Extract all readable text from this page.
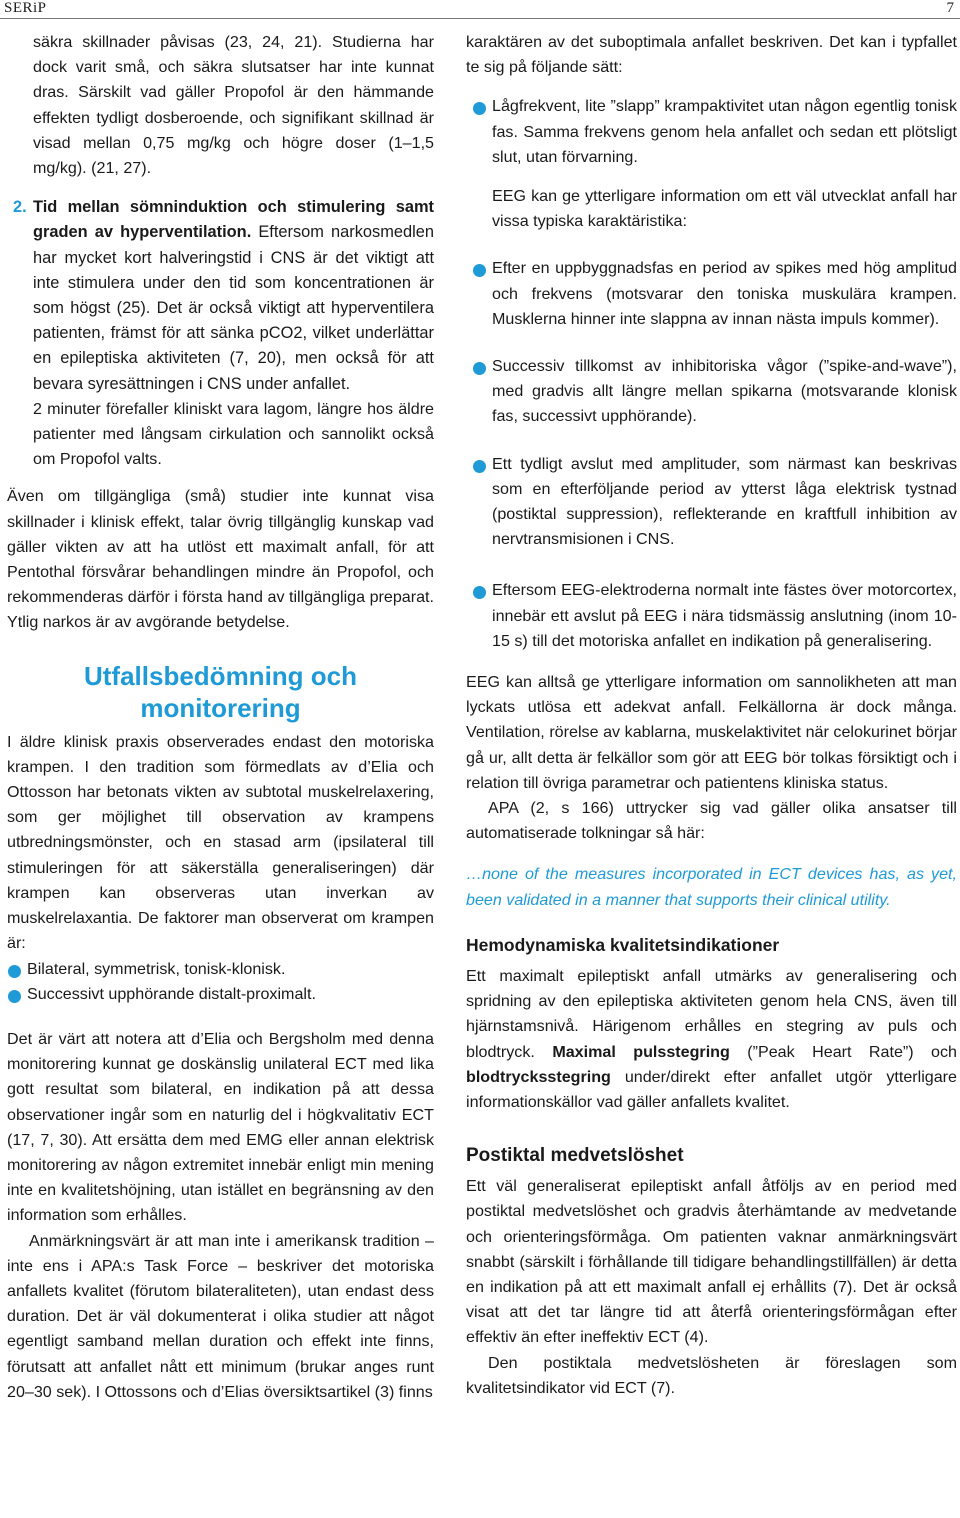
SERiP	7

säkra skillnader påvisas (23, 24, 21). Studierna har dock varit små, och säkra slutsatser har inte kunnat dras. Särskilt vad gäller Propofol är den hämmande effekten tydligt dosberoende, och signifikant skillnad är visad mellan 0,75 mg/kg och högre doser (1–1,5 mg/kg). (21, 27).

2. Tid mellan sömninduktion och stimulering samt graden av hyperventilation. Eftersom narkosmedlen har mycket kort halveringstid i CNS är det viktigt att inte stimulera under den tid som koncentrationen är som högst (25). Det är också viktigt att hyperventilera patienten, främst för att sänka pCO2, vilket underlättar en epileptiska aktiviteten (7, 20), men också för att bevara syresättningen i CNS under anfallet.

2 minuter förefaller kliniskt vara lagom, längre hos äldre patienter med långsam cirkulation och sannolikt också om Propofol valts.

Även om tillgängliga (små) studier inte kunnat visa skillnader i klinisk effekt, talar övrig tillgänglig kunskap vad gäller vikten av att ha utlöst ett maximalt anfall, för att Pentothal försvårar behandlingen mindre än Propofol, och rekommenderas därför i första hand av tillgängliga preparat. Ytlig narkos är av avgörande betydelse.

Utfallsbedömning och
monitorering

I äldre klinisk praxis observerades endast den motoriska krampen. I den tradition som förmedlats av d’Elia och Ottosson har betonats vikten av subtotal muskelrelaxering, som ger möjlighet till observation av krampens utbredningsmönster, och en stasad arm (ipsilateral till stimuleringen för att säkerställa generaliseringen) där krampen kan observeras utan inverkan av muskelrelaxantia. De faktorer man observerat om krampen är:

Bilateral, symmetrisk, tonisk-klonisk.

Successivt upphörande distalt-proximalt.

Det är värt att notera att d’Elia och Bergsholm med denna monitorering kunnat ge doskänslig unilateral ECT med lika gott resultat som bilateral, en indikation på att dessa observationer ingår som en naturlig del i högkvalitativ ECT (17, 7, 30). Att ersätta dem med EMG eller annan elektrisk monitorering av någon extremitet innebär enligt min mening inte en kvalitetshöjning, utan istället en begränsning av den information som erhålles.

Anmärkningsvärt är att man inte i amerikansk tradition – inte ens i APA:s Task Force – beskriver det motoriska anfallets kvalitet (förutom bilateraliteten), utan endast dess duration. Det är väl dokumenterat i olika studier att något egentligt samband mellan duration och effekt inte finns, förutsatt att anfallet nått ett minimum (brukar anges runt 20–30 sek). I Ottossons och d’Elias översiktsartikel (3) finns

karaktären av det suboptimala anfallet beskriven. Det kan i typfallet te sig på följande sätt:

Lågfrekvent, lite ”slapp” krampaktivitet utan någon egentlig tonisk fas. Samma frekvens genom hela anfallet och sedan ett plötsligt slut, utan förvarning.

EEG kan ge ytterligare information om ett väl utvecklat anfall har vissa typiska karaktäristika:

Efter en uppbyggnadsfas en period av spikes med hög amplitud och frekvens (motsvarar den toniska muskulära krampen. Musklerna hinner inte slappna av innan nästa impuls kommer).

Successiv tillkomst av inhibitoriska vågor (”spike-and-wave”), med gradvis allt längre mellan spikarna (motsvarande klonisk fas, successivt upphörande).

Ett tydligt avslut med amplituder, som närmast kan beskrivas som en efterföljande period av ytterst låga elektrisk tystnad (postiktal suppression), reflekterande en kraftfull inhibition av nervtransmisionen i CNS.

Eftersom EEG-elektroderna normalt inte fästes över motorcortex, innebär ett avslut på EEG i nära tidsmässig anslutning (inom 10-15 s) till det motoriska anfallet en indikation på generalisering.

EEG kan alltså ge ytterligare information om sannolikheten att man lyckats utlösa ett adekvat anfall. Felkällorna är dock många. Ventilation, rörelse av kablarna, muskelaktivitet när celokurinet börjar gå ur, allt detta är felkällor som gör att EEG bör tolkas försiktigt och i relation till övriga parametrar och patientens kliniska status.

APA (2, s 166) uttrycker sig vad gäller olika ansatser till automatiserade tolkningar så här:

…none of the measures incorporated in ECT devices has, as yet, been validated in a manner that supports their clinical utility.

Hemodynamiska kvalitetsindikationer

Ett maximalt epileptiskt anfall utmärks av generalisering och spridning av den epileptiska aktiviteten genom hela CNS, även till hjärnstamsnivå. Härigenom erhålles en stegring av puls och blodtryck. Maximal pulsstegring (”Peak Heart Rate”) och blodtrycksstegring under/direkt efter anfallet utgör ytterligare informationskällor vad gäller anfallets kvalitet.

Postiktal medvetslöshet

Ett väl generaliserat epileptiskt anfall åtföljs av en period med postiktal medvetslöshet och gradvis återhämtande av medvetande och orienteringsförmåga. Om patienten vaknar anmärkningsvärt snabbt (särskilt i förhållande till tidigare behandlingstillfällen) är detta en indikation på att ett maximalt anfall ej erhållits (7). Det är också visat att det tar längre tid att återfå orienteringsförmågan efter effektiv än efter ineffektiv ECT (4).

Den postiktala medvetslösheten är föreslagen som kvalitetsindikator vid ECT (7).
